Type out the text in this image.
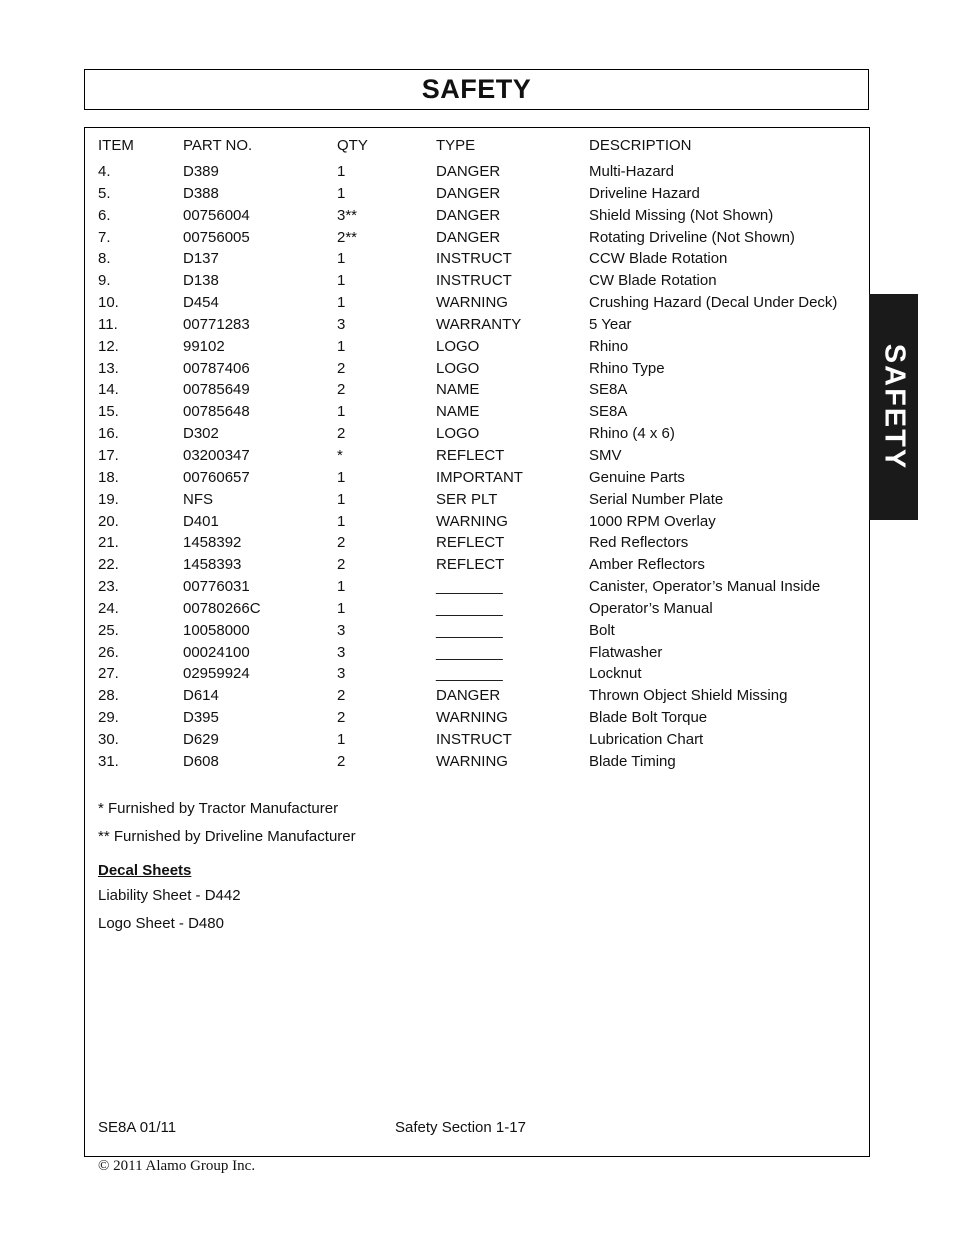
SAFETY
ITEM	PART NO.	QTY	TYPE	DESCRIPTION
4.	D389	1	DANGER	Multi-Hazard
5.	D388	1	DANGER	Driveline Hazard
6.	00756004	3**	DANGER	Shield Missing (Not Shown)
7.	00756005	2**	DANGER	Rotating Driveline (Not Shown)
8.	D137	1	INSTRUCT	CCW Blade Rotation
9.	D138	1	INSTRUCT	CW Blade Rotation
10.	D454	1	WARNING	Crushing Hazard (Decal Under Deck)
11.	00771283	3	WARRANTY	5 Year
12.	99102	1	LOGO	Rhino
13.	00787406	2	LOGO	Rhino Type
14.	00785649	2	NAME	SE8A
15.	00785648	1	NAME	SE8A
16.	D302	2	LOGO	Rhino (4 x 6)
17.	03200347	*	REFLECT	SMV
18.	00760657	1	IMPORTANT	Genuine Parts
19.	NFS	1	SER PLT	Serial Number Plate
20.	D401	1	WARNING	1000 RPM Overlay
21.	1458392	2	REFLECT	Red Reflectors
22.	1458393	2	REFLECT	Amber Reflectors
23.	00776031	1	________	Canister, Operator’s Manual Inside
24.	00780266C	1	________	Operator’s Manual
25.	10058000	3	________	Bolt
26.	00024100	3	________	Flatwasher
27.	02959924	3	________	Locknut
28.	D614	2	DANGER	Thrown Object Shield Missing
29.	D395	2	WARNING	Blade Bolt Torque
30.	D629	1	INSTRUCT	Lubrication Chart
31.	D608	2	WARNING	Blade Timing
* Furnished by Tractor Manufacturer
** Furnished by Driveline Manufacturer
Decal Sheets
Liability Sheet - D442
Logo Sheet - D480
SE8A 01/11	Safety Section 1-17
© 2011 Alamo Group Inc.
SAFETY
